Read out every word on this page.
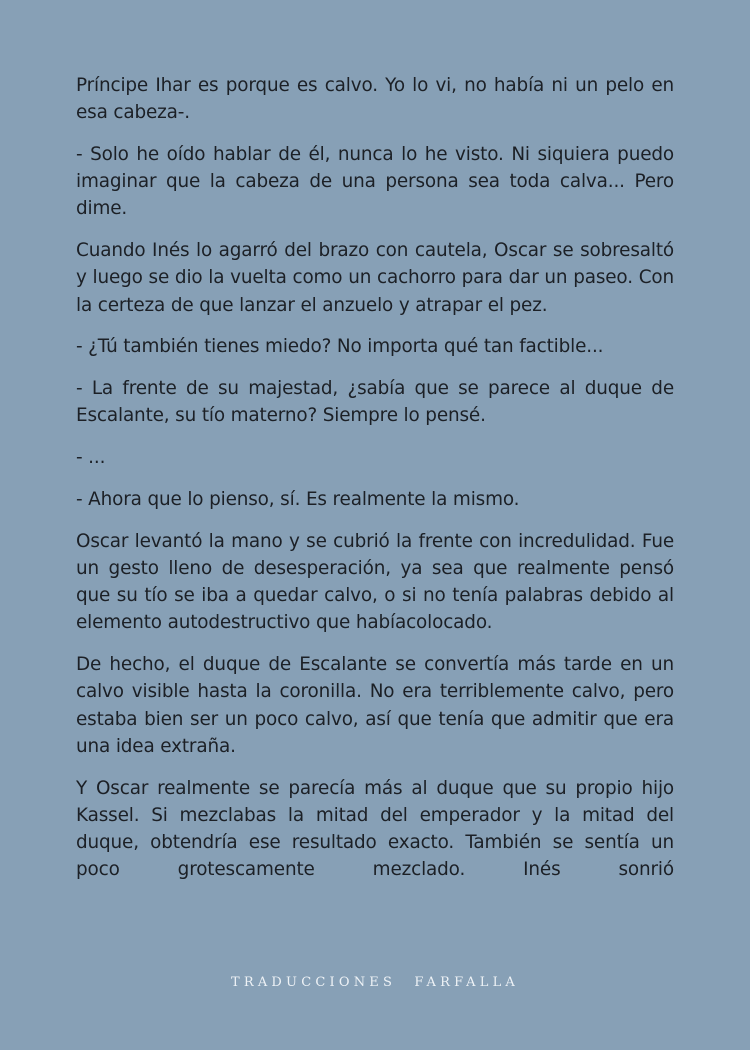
Príncipe Ihar es porque es calvo. Yo lo vi, no había ni un pelo en esa cabeza-.

- Solo he oído hablar de él, nunca lo he visto. Ni siquiera puedo imaginar que la cabeza de una persona sea toda calva... Pero dime.

Cuando Inés lo agarró del brazo con cautela, Oscar se sobresaltó y luego se dio la vuelta como un cachorro para dar un paseo. Con la certeza de que lanzar el anzuelo y atrapar el pez.

- ¿Tú también tienes miedo? No importa qué tan factible...

- La frente de su majestad, ¿sabía que se parece al duque de Escalante, su tío materno? Siempre lo pensé.

- ...

- Ahora que lo pienso, sí. Es realmente la mismo.

Oscar levantó la mano y se cubrió la frente con incredulidad. Fue un gesto lleno de desesperación, ya sea que realmente pensó que su tío se iba a quedar calvo, o si no tenía palabras debido al elemento autodestructivo que habíacolocado.

De hecho, el duque de Escalante se convertía más tarde en un calvo visible hasta la coronilla. No era terriblemente calvo, pero estaba bien ser un poco calvo, así que tenía que admitir que era una idea extraña.

Y Oscar realmente se parecía más al duque que su propio hijo Kassel. Si mezclabas la mitad del emperador y la mitad del duque, obtendría ese resultado exacto. También se sentía un poco grotescamente mezclado. Inés sonrió

TRADUCCIONES FARFALLA
